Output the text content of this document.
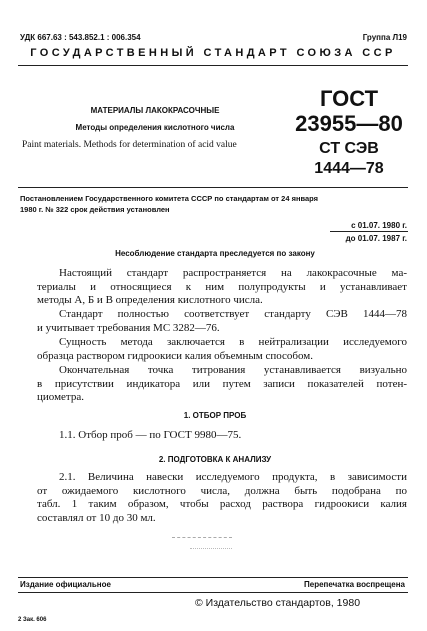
УДК 667.63 : 543.852.1 : 006.354	Группа Л19
ГОСУДАРСТВЕННЫЙ СТАНДАРТ СОЮЗА ССР
МАТЕРИАЛЫ ЛАКОКРАСОЧНЫЕ
Методы определения кислотного числа
Paint materials. Methods for determination of acid value
ГОСТ
23955—80
СТ СЭВ
1444—78
Постановлением Государственного комитета СССР по стандартам от 24 января
1980 г. № 322 срок действия установлен
с 01.07. 1980 г.
до 01.07. 1987 г.
Несоблюдение стандарта преследуется по закону
Настоящий стандарт распространяется на лакокрасочные ма-
териалы и относящиеся к ним полупродукты и устанавливает
методы А, Б и В определения кислотного числа.
Стандарт полностью соответствует стандарту СЭВ 1444—78
и учитывает требования МС 3282—76.
Сущность метода заключается в нейтрализации исследуемого
образца раствором гидроокиси калия объемным способом.
Окончательная точка титрования устанавливается визуально
в присутствии индикатора или путем записи показателей потен-
циометра.
1. ОТБОР ПРОБ
1.1. Отбор проб — по ГОСТ 9980—75.
2. ПОДГОТОВКА К АНАЛИЗУ
2.1. Величина навески исследуемого продукта, в зависимости
от ожидаемого кислотного числа, должна быть подобрана по
табл. 1 таким образом, чтобы расход раствора гидроокиси калия
составлял от 10 до 30 мл.
Издание официальное	Перепечатка воспрещена
© Издательство стандартов, 1980
2 Зак. 606
